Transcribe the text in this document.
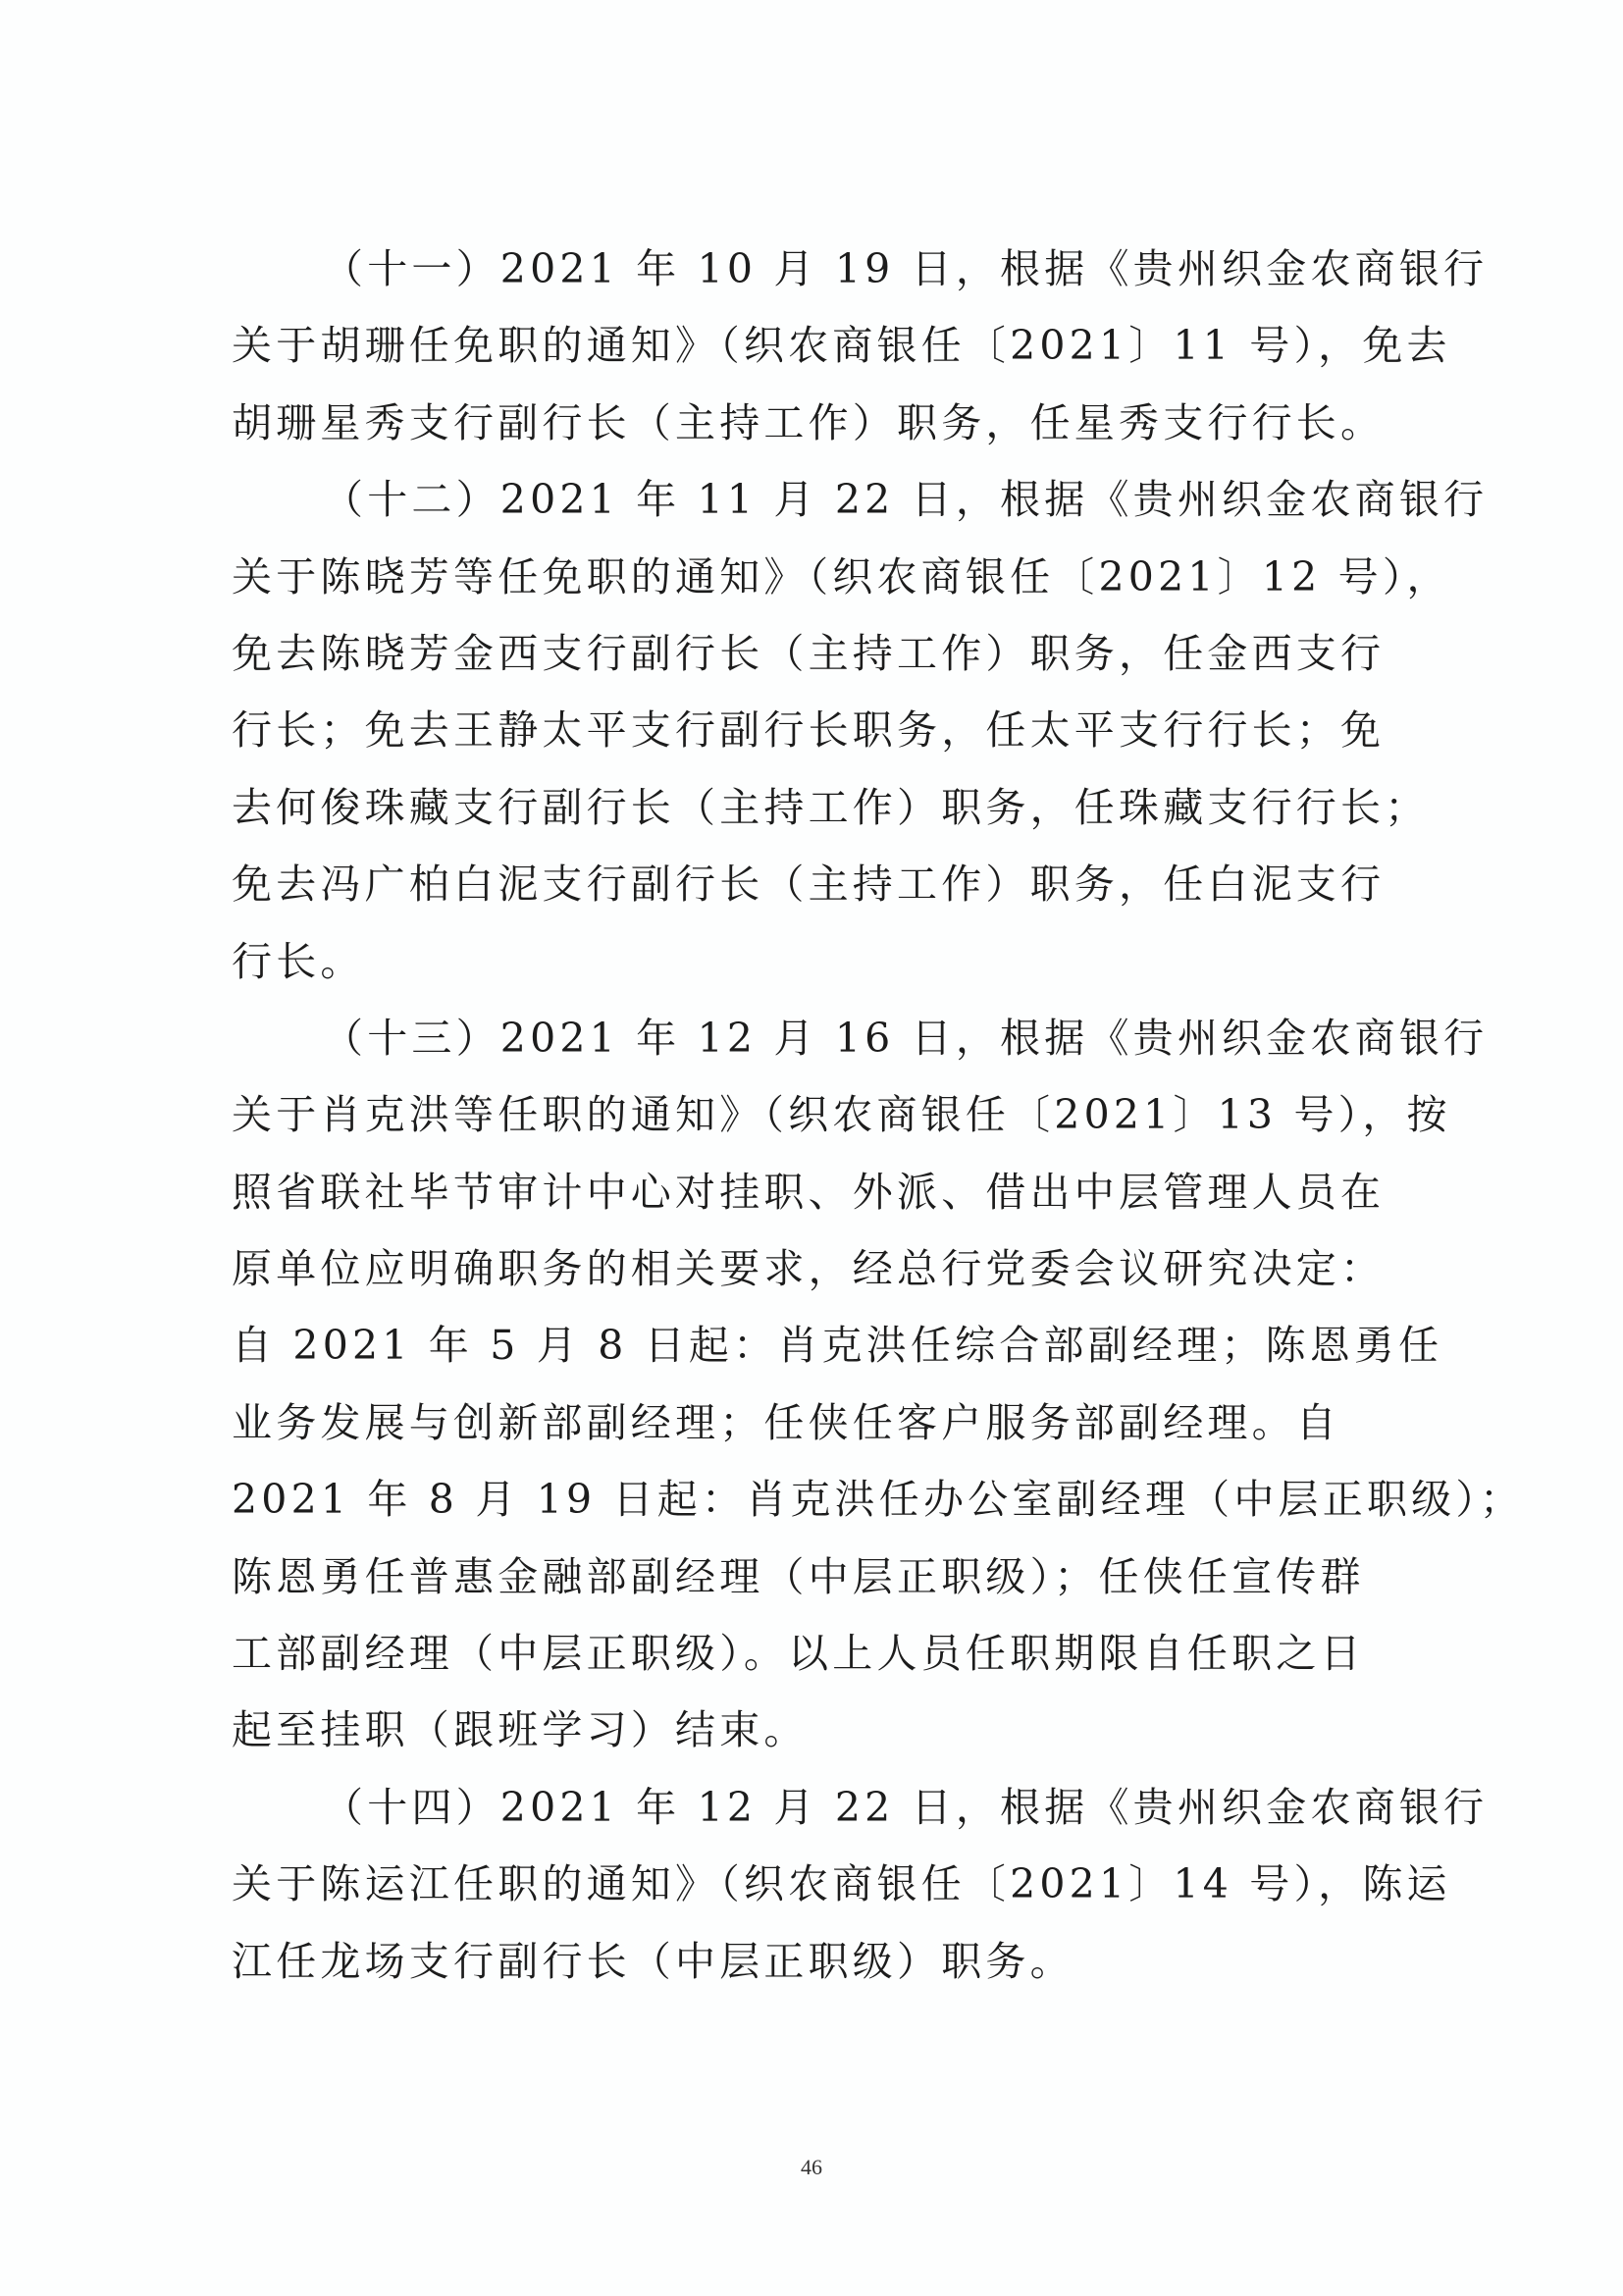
（十一）2021 年 10 月 19 日，根据《贵州织金农商银行
关于胡珊任免职的通知》（织农商银任〔2021〕11 号），免去
胡珊星秀支行副行长（主持工作）职务，任星秀支行行长。
（十二）2021 年 11 月 22 日，根据《贵州织金农商银行
关于陈晓芳等任免职的通知》（织农商银任〔2021〕12 号），
免去陈晓芳金西支行副行长（主持工作）职务，任金西支行
行长；免去王静太平支行副行长职务，任太平支行行长；免
去何俊珠藏支行副行长（主持工作）职务，任珠藏支行行长；
免去冯广柏白泥支行副行长（主持工作）职务，任白泥支行
行长。
（十三）2021 年 12 月 16 日，根据《贵州织金农商银行
关于肖克洪等任职的通知》（织农商银任〔2021〕13 号），按
照省联社毕节审计中心对挂职、外派、借出中层管理人员在
原单位应明确职务的相关要求，经总行党委会议研究决定：
自 2021 年 5 月 8 日起：肖克洪任综合部副经理；陈恩勇任
业务发展与创新部副经理；任侠任客户服务部副经理。自
2021 年 8 月 19 日起：肖克洪任办公室副经理（中层正职级）；
陈恩勇任普惠金融部副经理（中层正职级）；任侠任宣传群
工部副经理（中层正职级）。以上人员任职期限自任职之日
起至挂职（跟班学习）结束。
（十四）2021 年 12 月 22 日，根据《贵州织金农商银行
关于陈运江任职的通知》（织农商银任〔2021〕14 号），陈运
江任龙场支行副行长（中层正职级）职务。
46
